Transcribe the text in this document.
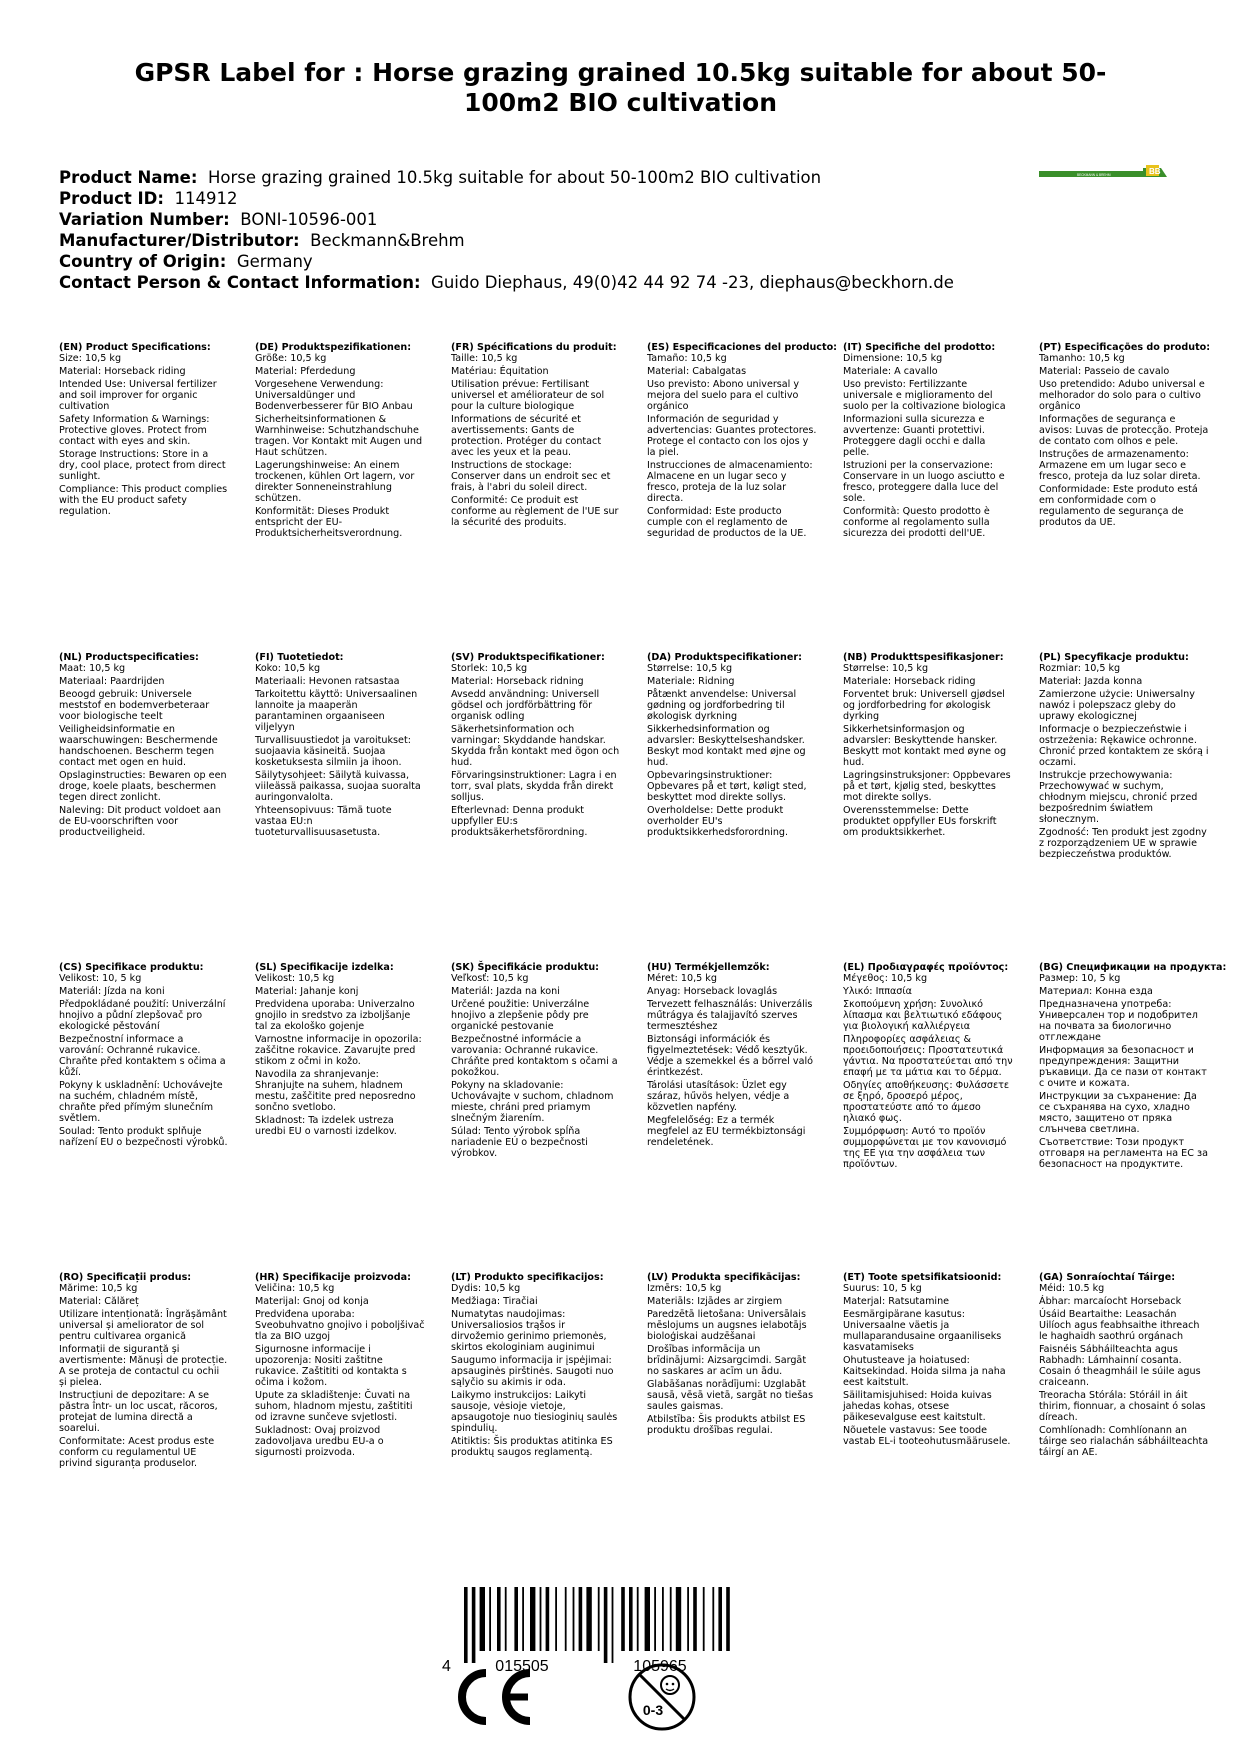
GPSR Label for : Horse grazing grained 10.5kg suitable for about 50-100m2 BIO cultivation
Product Name: Horse grazing grained 10.5kg suitable for about 50-100m2 BIO cultivation
Product ID: 114912
Variation Number: BONI-10596-001
Manufacturer/Distributor: Beckmann&Brehm
Country of Origin: Germany
Contact Person & Contact Information: Guido Diephaus, 49(0)42 44 92 74 -23, diephaus@beckhorn.de
BB
BECKMANN & BREHM
(EN) Product Specifications:
Size: 10,5 kg
Material: Horseback riding
Intended Use: Universal fertilizer and soil improver for organic cultivation
Safety Information & Warnings: Protective gloves. Protect from contact with eyes and skin.
Storage Instructions: Store in a dry, cool place, protect from direct sunlight.
Compliance: This product complies with the EU product safety regulation.
(DE) Produktspezifikationen:
Größe: 10,5 kg
Material: Pferdedung
Vorgesehene Verwendung: Universaldünger und Bodenverbesserer für BIO Anbau
Sicherheitsinformationen & Warnhinweise: Schutzhandschuhe tragen. Vor Kontakt mit Augen und Haut schützen.
Lagerungshinweise: An einem trockenen, kühlen Ort lagern, vor direkter Sonneneinstrahlung schützen.
Konformität: Dieses Produkt entspricht der EU-Produktsicherheitsverordnung.
(FR) Spécifications du produit:
Taille: 10,5 kg
Matériau: Équitation
Utilisation prévue: Fertilisant universel et améliorateur de sol pour la culture biologique
Informations de sécurité et avertissements: Gants de protection. Protéger du contact avec les yeux et la peau.
Instructions de stockage: Conserver dans un endroit sec et frais, à l'abri du soleil direct.
Conformité: Ce produit est conforme au règlement de l'UE sur la sécurité des produits.
(ES) Especificaciones del producto:
Tamaño: 10,5 kg
Material: Cabalgatas
Uso previsto: Abono universal y mejora del suelo para el cultivo orgánico
Información de seguridad y advertencias: Guantes protectores. Protege el contacto con los ojos y la piel.
Instrucciones de almacenamiento: Almacene en un lugar seco y fresco, proteja de la luz solar directa.
Conformidad: Este producto cumple con el reglamento de seguridad de productos de la UE.
(IT) Specifiche del prodotto:
Dimensione: 10,5 kg
Materiale: A cavallo
Uso previsto: Fertilizzante universale e miglioramento del suolo per la coltivazione biologica
Informazioni sulla sicurezza e avvertenze: Guanti protettivi. Proteggere dagli occhi e dalla pelle.
Istruzioni per la conservazione: Conservare in un luogo asciutto e fresco, proteggere dalla luce del sole.
Conformità: Questo prodotto è conforme al regolamento sulla sicurezza dei prodotti dell'UE.
(PT) Especificações do produto:
Tamanho: 10,5 kg
Material: Passeio de cavalo
Uso pretendido: Adubo universal e melhorador do solo para o cultivo orgânico
Informações de segurança e avisos: Luvas de protecção. Proteja de contato com olhos e pele.
Instruções de armazenamento: Armazene em um lugar seco e fresco, proteja da luz solar direta.
Conformidade: Este produto está em conformidade com o regulamento de segurança de produtos da UE.
(NL) Productspecificaties:
Maat: 10,5 kg
Materiaal: Paardrijden
Beoogd gebruik: Universele meststof en bodemverbeteraar voor biologische teelt
Veiligheidsinformatie en waarschuwingen: Beschermende handschoenen. Bescherm tegen contact met ogen en huid.
Opslaginstructies: Bewaren op een droge, koele plaats, beschermen tegen direct zonlicht.
Naleving: Dit product voldoet aan de EU-voorschriften voor productveiligheid.
(FI) Tuotetiedot:
Koko: 10,5 kg
Materiaali: Hevonen ratsastaa
Tarkoitettu käyttö: Universaalinen lannoite ja maaperän parantaminen orgaaniseen viljelyyn
Turvallisuustiedot ja varoitukset: suojaavia käsineitä. Suojaa kosketuksesta silmiin ja ihoon.
Säilytysohjeet: Säilytä kuivassa, viileässä paikassa, suojaa suoralta auringonvalolta.
Yhteensopivuus: Tämä tuote vastaa EU:n tuoteturvallisuusasetusta.
(SV) Produktspecifikationer:
Storlek: 10,5 kg
Material: Horseback ridning
Avsedd användning: Universell gödsel och jordförbättring för organisk odling
Säkerhetsinformation och varningar: Skyddande handskar. Skydda från kontakt med ögon och hud.
Förvaringsinstruktioner: Lagra i en torr, sval plats, skydda från direkt solljus.
Efterlevnad: Denna produkt uppfyller EU:s produktsäkerhetsförordning.
(DA) Produktspecifikationer:
Størrelse: 10,5 kg
Materiale: Ridning
Påtænkt anvendelse: Universal gødning og jordforbedring til økologisk dyrkning
Sikkerhedsinformation og advarsler: Beskyttelseshandsker. Beskyt mod kontakt med øjne og hud.
Opbevaringsinstruktioner: Opbevares på et tørt, køligt sted, beskyttet mod direkte sollys.
Overholdelse: Dette produkt overholder EU's produktsikkerhedsforordning.
(NB) Produkttspesifikasjoner:
Størrelse: 10,5 kg
Materiale: Horseback riding
Forventet bruk: Universell gjødsel og jordforbedring for økologisk dyrking
Sikkerhetsinformasjon og advarsler: Beskyttende hansker. Beskytt mot kontakt med øyne og hud.
Lagringsinstruksjoner: Oppbevares på et tørt, kjølig sted, beskyttes mot direkte sollys.
Overensstemmelse: Dette produktet oppfyller EUs forskrift om produktsikkerhet.
(PL) Specyfikacje produktu:
Rozmiar: 10,5 kg
Materiał: Jazda konna
Zamierzone użycie: Uniwersalny nawóz i polepszacz gleby do uprawy ekologicznej
Informacje o bezpieczeństwie i ostrzeżenia: Rękawice ochronne. Chronić przed kontaktem ze skórą i oczami.
Instrukcje przechowywania: Przechowywać w suchym, chłodnym miejscu, chronić przed bezpośrednim światłem słonecznym.
Zgodność: Ten produkt jest zgodny z rozporządzeniem UE w sprawie bezpieczeństwa produktów.
(CS) Specifikace produktu:
Velikost: 10, 5 kg
Materiál: Jízda na koni
Předpokládané použití: Univerzální hnojivo a půdní zlepšovač pro ekologické pěstování
Bezpečnostní informace a varování: Ochranné rukavice. Chraňte před kontaktem s očima a kůží.
Pokyny k uskladnění: Uchovávejte na suchém, chladném místě, chraňte před přímým slunečním světlem.
Soulad: Tento produkt splňuje nařízení EU o bezpečnosti výrobků.
(SL) Specifikacije izdelka:
Velikost: 10,5 kg
Material: Jahanje konj
Predvidena uporaba: Univerzalno gnojilo in sredstvo za izboljšanje tal za ekološko gojenje
Varnostne informacije in opozorila: zaščitne rokavice. Zavarujte pred stikom z očmi in kožo.
Navodila za shranjevanje: Shranjujte na suhem, hladnem mestu, zaščitite pred neposredno sončno svetlobo.
Skladnost: Ta izdelek ustreza uredbi EU o varnosti izdelkov.
(SK) Špecifikácie produktu:
Veľkosť: 10,5 kg
Materiál: Jazda na koni
Určené použitie: Univerzálne hnojivo a zlepšenie pôdy pre organické pestovanie
Bezpečnostné informácie a varovania: Ochranné rukavice. Chráňte pred kontaktom s očami a pokožkou.
Pokyny na skladovanie: Uchovávajte v suchom, chladnom mieste, chráni pred priamym slnečným žiarením.
Súlad: Tento výrobok spĺňa nariadenie EÚ o bezpečnosti výrobkov.
(HU) Termékjellemzők:
Méret: 10,5 kg
Anyag: Horseback lovaglás
Tervezett felhasználás: Univerzális műtrágya és talajjavító szerves termesztéshez
Biztonsági információk és figyelmeztetések: Védő kesztyűk. Védje a szemekkel és a bőrrel való érintkezést.
Tárolási utasítások: Üzlet egy száraz, hűvös helyen, védje a közvetlen napfény.
Megfelelőség: Ez a termék megfelel az EU termékbiztonsági rendeletének.
(EL) Προδιαγραφές προϊόντος:
Μέγεθος: 10,5 kg
Υλικό: Ιππασία
Σκοπούμενη χρήση: Συνολικό λίπασμα και βελτιωτικό εδάφους για βιολογική καλλιέργεια
Πληροφορίες ασφάλειας & προειδοποιήσεις: Προστατευτικά γάντια. Να προστατεύεται από την επαφή με τα μάτια και το δέρμα.
Οδηγίες αποθήκευσης: Φυλάσσετε σε ξηρό, δροσερό μέρος, προστατεύστε από το άμεσο ηλιακό φως.
Συμμόρφωση: Αυτό το προϊόν συμμορφώνεται με τον κανονισμό της ΕΕ για την ασφάλεια των προϊόντων.
(BG) Спецификации на продукта:
Размер: 10, 5 kg
Материал: Конна езда
Предназначена употреба: Универсален тор и подобрител на почвата за биологично отглеждане
Информация за безопасност и предупреждения: Защитни ръкавици. Да се пази от контакт с очите и кожата.
Инструкции за съхранение: Да се съхранява на сухо, хладно място, защитено от пряка слънчева светлина.
Съответствие: Този продукт отговаря на регламента на ЕС за безопасност на продуктите.
(RO) Specificații produs:
Mărime: 10,5 kg
Material: Călăreț
Utilizare intenționată: Îngrășământ universal și ameliorator de sol pentru cultivarea organică
Informații de siguranță și avertismente: Mănuși de protecție. A se proteja de contactul cu ochii și pielea.
Instrucțiuni de depozitare: A se păstra într- un loc uscat, răcoros, protejat de lumina directă a soarelui.
Conformitate: Acest produs este conform cu regulamentul UE privind siguranța produselor.
(HR) Specifikacije proizvoda:
Veličina: 10,5 kg
Materijal: Gnoj od konja
Predviđena uporaba: Sveobuhvatno gnojivo i poboljšivač tla za BIO uzgoj
Sigurnosne informacije i upozorenja: Nositi zaštitne rukavice. Zaštititi od kontakta s očima i kožom.
Upute za skladištenje: Čuvati na suhom, hladnom mjestu, zaštititi od izravne sunčeve svjetlosti.
Sukladnost: Ovaj proizvod zadovoljava uredbu EU-a o sigurnosti proizvoda.
(LT) Produkto specifikacijos:
Dydis: 10,5 kg
Medžiaga: Tiračiai
Numatytas naudojimas: Universaliosios trąšos ir dirvožemio gerinimo priemonės, skirtos ekologiniam auginimui
Saugumo informacija ir įspėjimai: apsauginės pirštinės. Saugoti nuo sąlyčio su akimis ir oda.
Laikymo instrukcijos: Laikyti sausoje, vėsioje vietoje, apsaugotoje nuo tiesioginių saulės spindulių.
Atitiktis: Šis produktas atitinka ES produktų saugos reglamentą.
(LV) Produkta specifikācijas:
Izmērs: 10,5 kg
Materiāls: Izjādes ar zirgiem
Paredzētā lietošana: Universālais mēslojums un augsnes ielabotājs bioloģiskai audzēšanai
Drošības informācija un brīdinājumi: Aizsargcimdi. Sargāt no saskares ar acīm un ādu.
Glabāšanas norādījumi: Uzglabāt sausā, vēsā vietā, sargāt no tiešas saules gaismas.
Atbilstība: Šis produkts atbilst ES produktu drošības regulai.
(ET) Toote spetsifikatsioonid:
Suurus: 10, 5 kg
Materjal: Ratsutamine
Eesmärgipärane kasutus: Universaalne väetis ja mullaparandusaine orgaaniliseks kasvatamiseks
Ohutusteave ja hoiatused: Kaitsekindad. Hoida silma ja naha eest kaitstult.
Säilitamisjuhised: Hoida kuivas jahedas kohas, otsese päikesevalguse eest kaitstult.
Nõuetele vastavus: See toode vastab EL-i tooteohutusmäärusele.
(GA) Sonraíochtaí Táirge:
Méid: 10.5 kg
Ábhar: marcaíocht Horseback
Úsáid Beartaithe: Leasachán Uilíoch agus feabhsaithe ithreach le haghaidh saothrú orgánach
Faisnéis Sábháilteachta agus Rabhadh: Lámhainní cosanta. Cosain ó theagmháil le súile agus craiceann.
Treoracha Stórála: Stóráil in áit thirim, fionnuar, a chosaint ó solas díreach.
Comhlíonadh: Comhlíonann an táirge seo rialachán sábháilteachta táirgí an AE.
4	015505	105965
0-3
